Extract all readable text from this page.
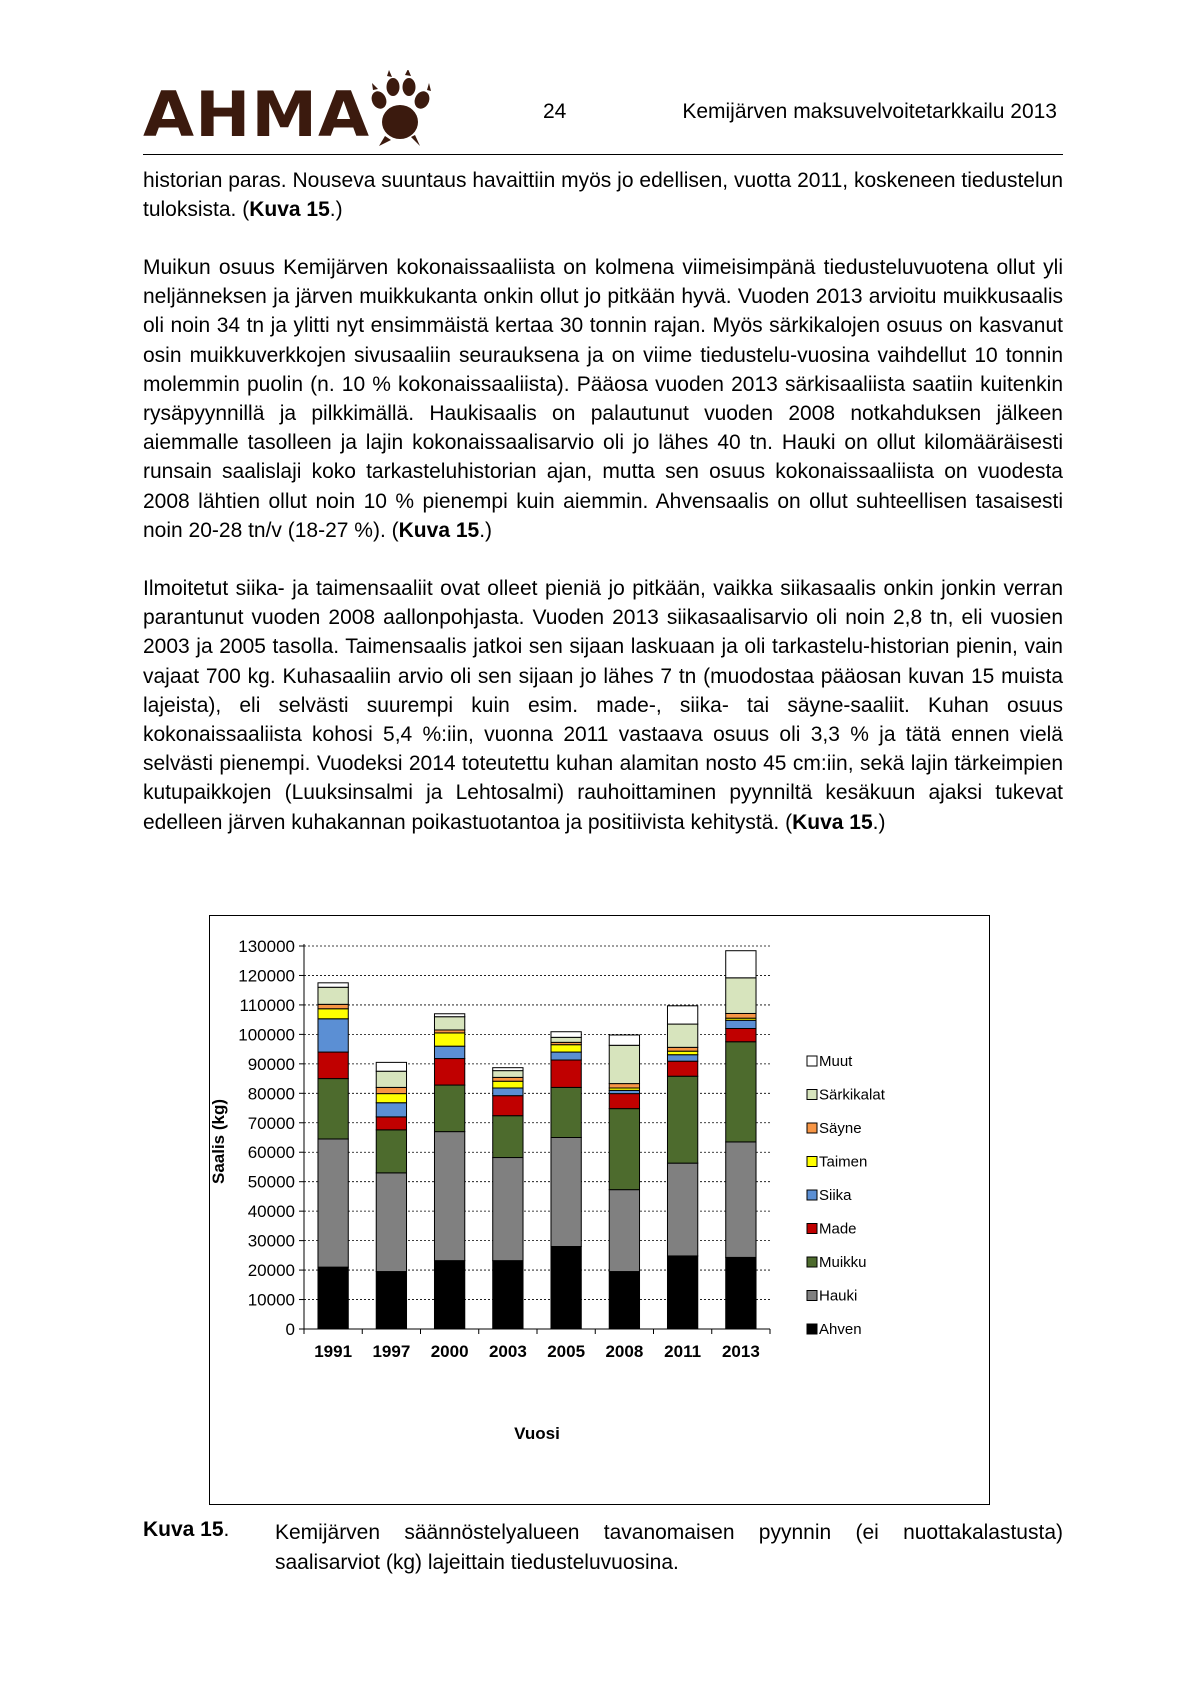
AHMA	24	Kemijärven maksuvelvoitetarkkailu 2013

historian paras. Nouseva suuntaus havaittiin myös jo edellisen, vuotta 2011, koskeneen tiedustelun tuloksista. (Kuva 15.)

Muikun osuus Kemijärven kokonaissaaliista on kolmena viimeisimpänä tiedusteluvuotena ollut yli neljänneksen ja järven muikkukanta onkin ollut jo pitkään hyvä. Vuoden 2013 arvioitu muikkusaalis oli noin 34 tn ja ylitti nyt ensimmäistä kertaa 30 tonnin rajan. Myös särkikalojen osuus on kasvanut osin muikkuverkkojen sivusaaliin seurauksena ja on viime tiedustelu-vuosina vaihdellut 10 tonnin molemmin puolin (n. 10 % kokonaissaaliista). Pääosa vuoden 2013 särkisaaliista saatiin kuitenkin rysäpyynnillä ja pilkkimällä. Haukisaalis on palautunut vuoden 2008 notkahduksen jälkeen aiemmalle tasolleen ja lajin kokonaissaalisarvio oli jo lähes 40 tn. Hauki on ollut kilomääräisesti runsain saalislaji koko tarkasteluhistorian ajan, mutta sen osuus kokonaissaaliista on vuodesta 2008 lähtien ollut noin 10 % pienempi kuin aiemmin. Ahvensaalis on ollut suhteellisen tasaisesti noin 20-28 tn/v (18-27 %). (Kuva 15.)

Ilmoitetut siika- ja taimensaaliit ovat olleet pieniä jo pitkään, vaikka siikasaalis onkin jonkin verran parantunut vuoden 2008 aallonpohjasta. Vuoden 2013 siikasaalisarvio oli noin 2,8 tn, eli vuosien 2003 ja 2005 tasolla. Taimensaalis jatkoi sen sijaan laskuaan ja oli tarkastelu-historian pienin, vain vajaat 700 kg. Kuhasaaliin arvio oli sen sijaan jo lähes 7 tn (muodostaa pääosan kuvan 15 muista lajeista), eli selvästi suurempi kuin esim. made-, siika- tai säyne-saaliit. Kuhan osuus kokonaissaaliista kohosi 5,4 %:iin, vuonna 2011 vastaava osuus oli 3,3 % ja tätä ennen vielä selvästi pienempi. Vuodeksi 2014 toteutettu kuhan alamitan nosto 45 cm:iin, sekä lajin tärkeimpien kutupaikkojen (Luuksinsalmi ja Lehtosalmi) rauhoittaminen pyynniltä kesäkuun ajaksi tukevat edelleen järven kuhakannan poikastuotantoa ja positiivista kehitystä. (Kuva 15.)

0
10000
20000
30000
40000
50000
60000
70000
80000
90000
100000
110000
120000
130000
1991 1997 2000 2003 2005 2008 2011 2013
Vuosi
Saalis (kg)
Muut
Särkikalat
Säyne
Taimen
Siika
Made
Muikku
Hauki
Ahven
Kuva 15. Kemijärven säännöstelyalueen tavanomaisen pyynnin (ei nuottakalastusta) saalisarviot (kg) lajeittain tiedusteluvuosina.
